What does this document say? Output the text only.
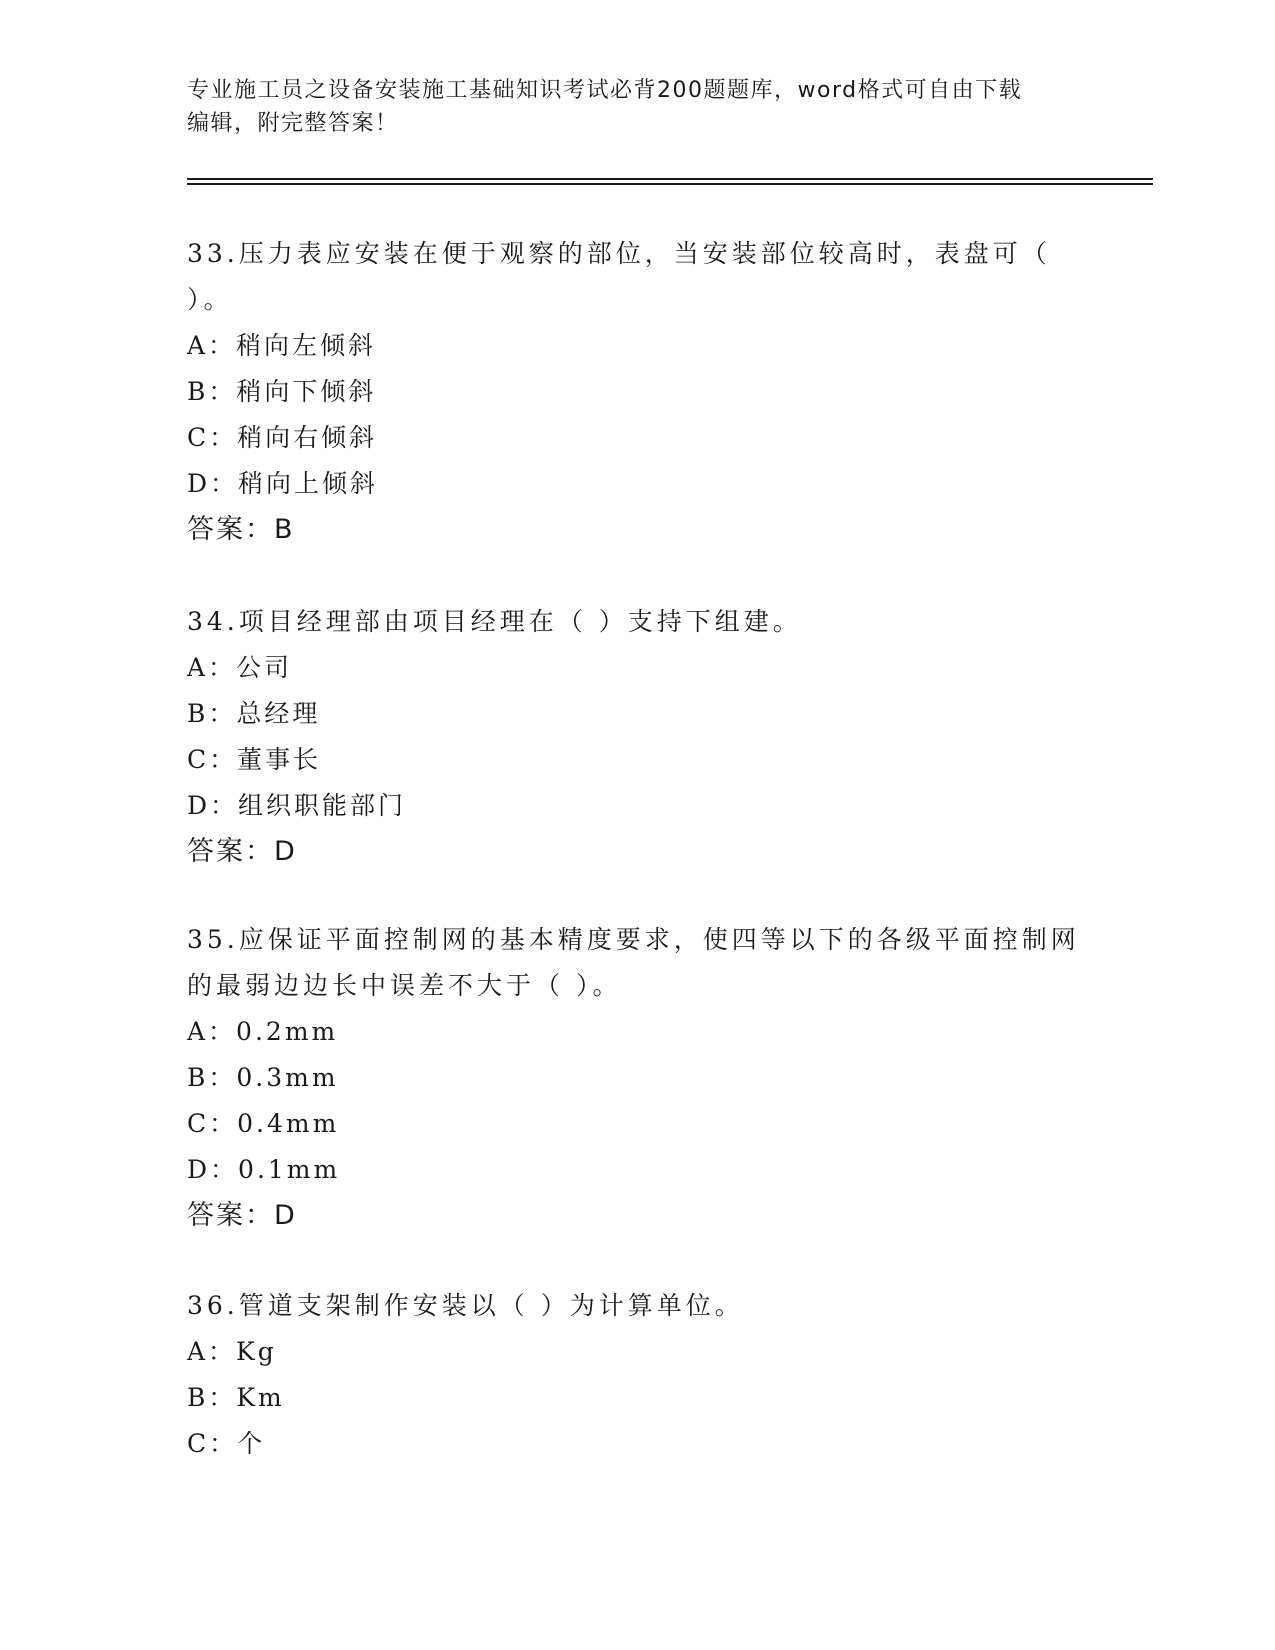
专业施工员之设备安装施工基础知识考试必背200题题库，word格式可自由下载
编辑，附完整答案！
33.压力表应安装在便于观察的部位，当安装部位较高时，表盘可（
）。
A：稍向左倾斜
B：稍向下倾斜
C：稍向右倾斜
D：稍向上倾斜
答案：B
34.项目经理部由项目经理在（ ）支持下组建。
A：公司
B：总经理
C：董事长
D：组织职能部门
答案：D
35.应保证平面控制网的基本精度要求，使四等以下的各级平面控制网
的最弱边边长中误差不大于（ ）。
A：0.2mm
B：0.3mm
C：0.4mm
D：0.1mm
答案：D
36.管道支架制作安装以（ ）为计算单位。
A：Kg
B：Km
C：个
